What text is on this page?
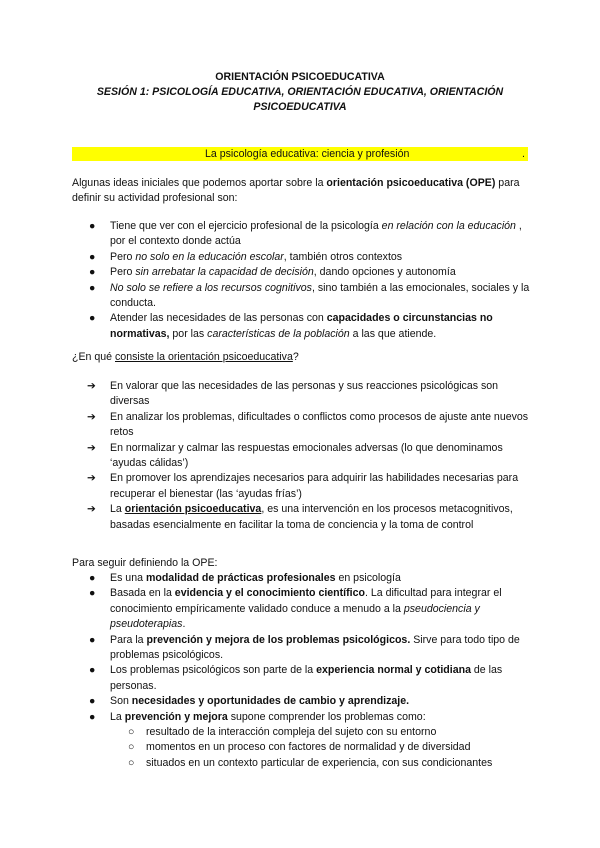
ORIENTACIÓN PSICOEDUCATIVA
SESIÓN 1: PSICOLOGÍA EDUCATIVA, ORIENTACIÓN EDUCATIVA, ORIENTACIÓN
PSICOEDUCATIVA
La psicología educativa: ciencia y profesión	.
Algunas ideas iniciales que podemos aportar sobre la orientación psicoeducativa (OPE) para definir su actividad profesional son:
● Tiene que ver con el ejercicio profesional de la psicología en relación con la educación , por el contexto donde actúa
● Pero no solo en la educación escolar, también otros contextos
● Pero sin arrebatar la capacidad de decisión, dando opciones y autonomía
● No solo se refiere a los recursos cognitivos, sino también a las emocionales, sociales y la conducta.
● Atender las necesidades de las personas con capacidades o circunstancias no normativas, por las características de la población a las que atiende.
¿En qué consiste la orientación psicoeducativa?
➔ En valorar que las necesidades de las personas y sus reacciones psicológicas son diversas
➔ En analizar los problemas, dificultades o conflictos como procesos de ajuste ante nuevos retos
➔ En normalizar y calmar las respuestas emocionales adversas (lo que denominamos ‘ayudas cálidas’)
➔ En promover los aprendizajes necesarios para adquirir las habilidades necesarias para recuperar el bienestar (las ‘ayudas frías’)
➔ La orientación psicoeducativa, es una intervención en los procesos metacognitivos, basadas esencialmente en facilitar la toma de conciencia y la toma de control
Para seguir definiendo la OPE:
● Es una modalidad de prácticas profesionales en psicología
● Basada en la evidencia y el conocimiento científico. La dificultad para integrar el conocimiento empíricamente validado conduce a menudo a la pseudociencia y pseudoterapias.
● Para la prevención y mejora de los problemas psicológicos. Sirve para todo tipo de problemas psicológicos.
● Los problemas psicológicos son parte de la experiencia normal y cotidiana de las personas.
● Son necesidades y oportunidades de cambio y aprendizaje.
● La prevención y mejora supone comprender los problemas como:
○ resultado de la interacción compleja del sujeto con su entorno
○ momentos en un proceso con factores de normalidad y de diversidad
○ situados en un contexto particular de experiencia, con sus condicionantes
